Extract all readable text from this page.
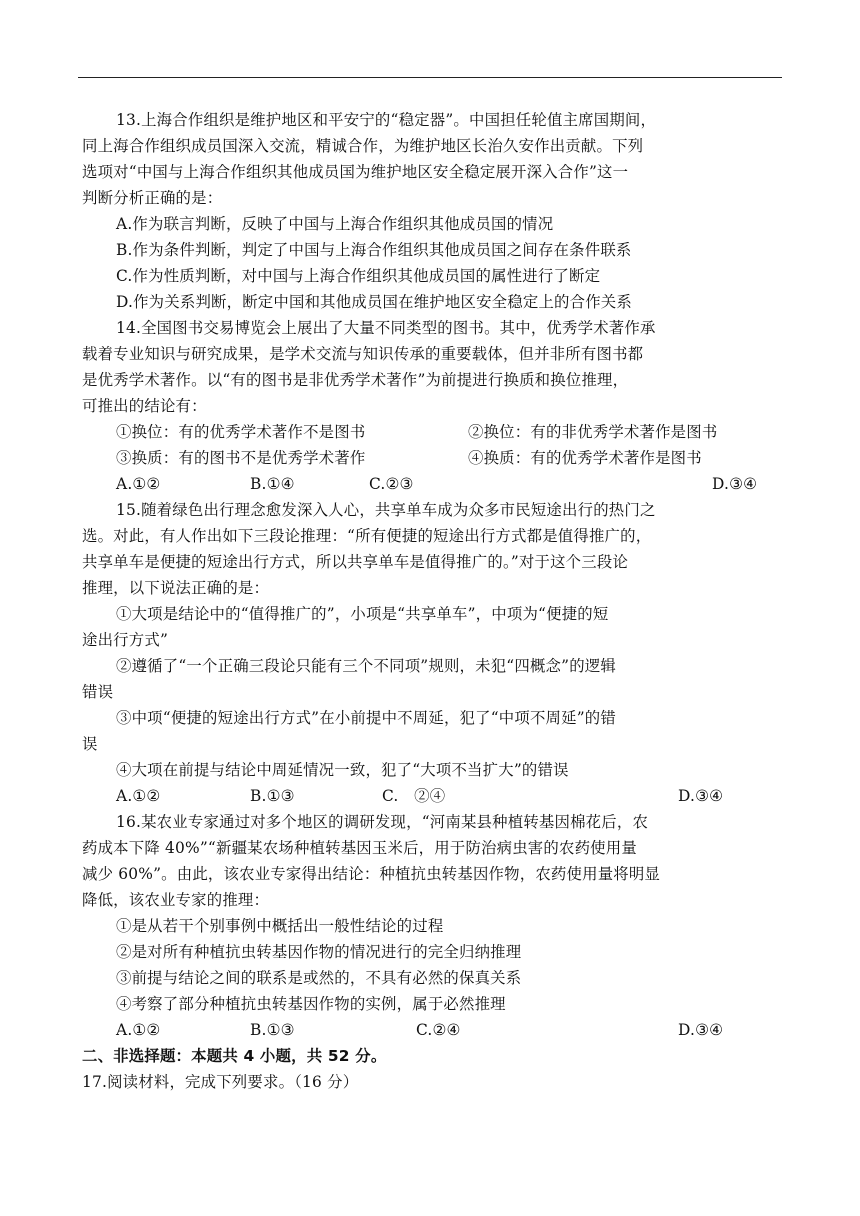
13.上海合作组织是维护地区和平安宁的“稳定器”。中国担任轮值主席国期间，
同上海合作组织成员国深入交流，精诚合作，为维护地区长治久安作出贡献。下列
选项对“中国与上海合作组织其他成员国为维护地区安全稳定展开深入合作”这一
判断分析正确的是：
A.作为联言判断，反映了中国与上海合作组织其他成员国的情况
B.作为条件判断，判定了中国与上海合作组织其他成员国之间存在条件联系
C.作为性质判断，对中国与上海合作组织其他成员国的属性进行了断定
D.作为关系判断，断定中国和其他成员国在维护地区安全稳定上的合作关系
14.全国图书交易博览会上展出了大量不同类型的图书。其中，优秀学术著作承
载着专业知识与研究成果，是学术交流与知识传承的重要载体，但并非所有图书都
是优秀学术著作。以“有的图书是非优秀学术著作”为前提进行换质和换位推理，
可推出的结论有：
①换位：有的优秀学术著作不是图书	②换位：有的非优秀学术著作是图书
③换质：有的图书不是优秀学术著作	④换质：有的优秀学术著作是图书
A.①②	B.①④	C.②③	D.③④
15.随着绿色出行理念愈发深入人心，共享单车成为众多市民短途出行的热门之
选。对此，有人作出如下三段论推理：“所有便捷的短途出行方式都是值得推广的，
共享单车是便捷的短途出行方式，所以共享单车是值得推广的。”对于这个三段论
推理，以下说法正确的是：
①大项是结论中的“值得推广的”，小项是“共享单车”，中项为“便捷的短
途出行方式”
②遵循了“一个正确三段论只能有三个不同项”规则，未犯“四概念”的逻辑
错误
③中项“便捷的短途出行方式”在小前提中不周延，犯了“中项不周延”的错
误
④大项在前提与结论中周延情况一致，犯了“大项不当扩大”的错误
A.①②	B.①③	C.　②④	D.③④
16.某农业专家通过对多个地区的调研发现，“河南某县种植转基因棉花后，农
药成本下降 40%”“新疆某农场种植转基因玉米后，用于防治病虫害的农药使用量
减少 60%”。由此，该农业专家得出结论：种植抗虫转基因作物，农药使用量将明显
降低，该农业专家的推理：
①是从若干个别事例中概括出一般性结论的过程
②是对所有种植抗虫转基因作物的情况进行的完全归纳推理
③前提与结论之间的联系是或然的，不具有必然的保真关系
④考察了部分种植抗虫转基因作物的实例，属于必然推理
A.①②	B.①③	C.②④	D.③④
二、非选择题：本题共 4 小题，共 52 分。
17.阅读材料，完成下列要求。（16 分）
